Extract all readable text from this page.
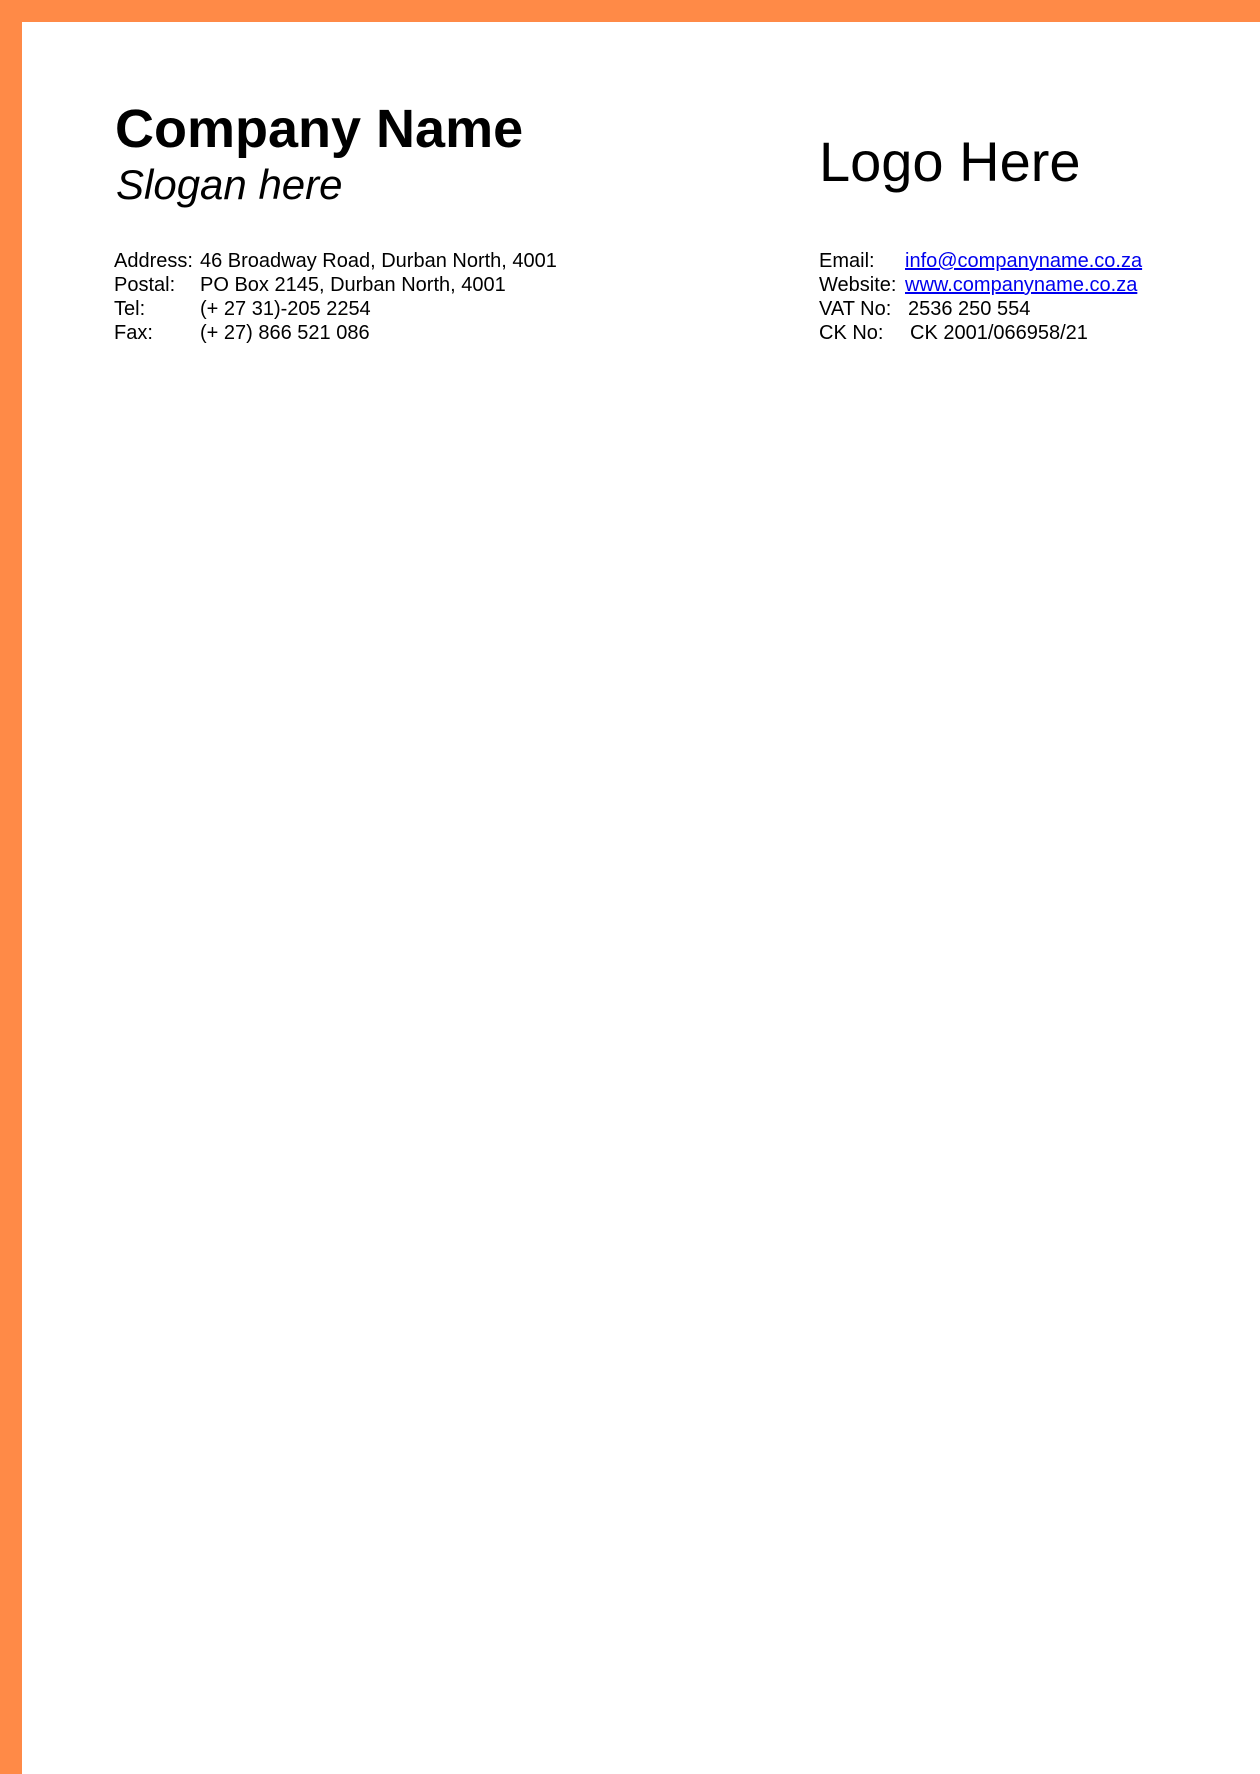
Company Name
Slogan here	Logo Here
Address: 46 Broadway Road, Durban North, 4001
Postal:	PO Box 2145, Durban North, 4001
Tel:	(+ 27 31)-205 2254
Fax:	(+ 27) 866 521 086
Email:	info@companyname.co.za
Website: www.companyname.co.za
VAT No: 2536 250 554
CK No:	CK 2001/066958/21
